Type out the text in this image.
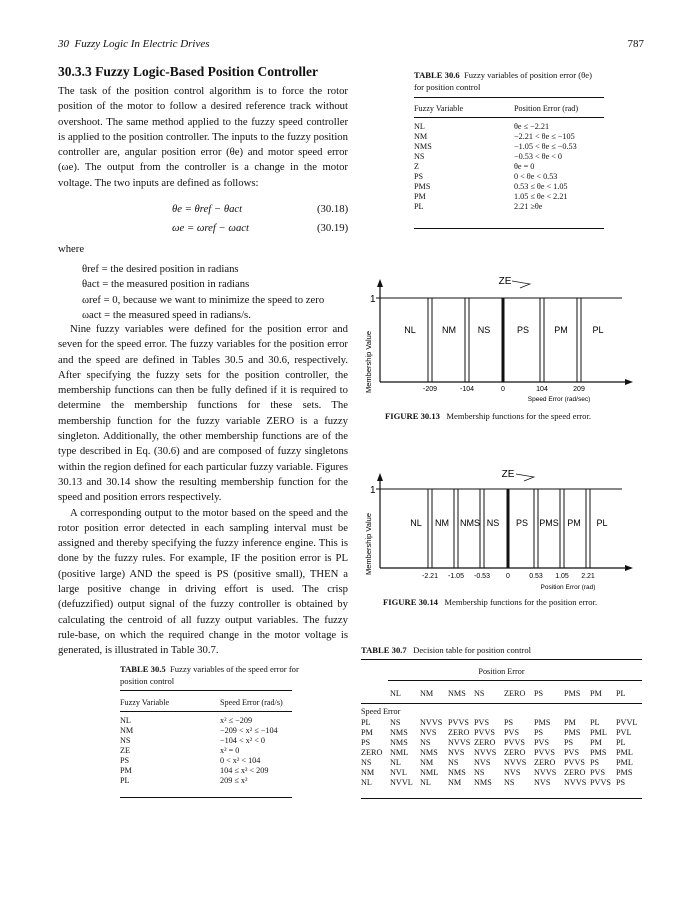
30 Fuzzy Logic In Electric Drives	787
30.3.3 Fuzzy Logic-Based Position Controller

The task of the position control algorithm is to force the rotor position of the motor to follow a desired reference track without overshoot. The same method applied to the fuzzy speed controller is applied to the position controller. The inputs to the fuzzy position controller are, angular position error (θe) and motor speed error (ωe). The output from the controller is a change in the motor voltage. The two inputs are defined as follows:

θe = θref − θact	(30.18)
ωe = ωref − ωact	(30.19)
where
θref = the desired position in radians
θact = the measured position in radians
ωref = 0, because we want to minimize the speed to zero
ωact = the measured speed in radians/s.

Nine fuzzy variables were defined for the position error and seven for the speed error. The fuzzy variables for the position error and the speed are defined in Tables 30.5 and 30.6, respectively. After specifying the fuzzy sets for the position controller, the membership functions can then be fully defined if it is required to determine the membership functions for these sets. The membership function for the fuzzy variable ZERO is a fuzzy singleton. Additionally, the other membership functions are of the type described in Eq. (30.6) and are composed of fuzzy singletons within the region defined for each particular fuzzy variable. Figures 30.13 and 30.14 show the resulting membership function for the speed and position errors respectively.

A corresponding output to the motor based on the speed and the rotor position error detected in each sampling interval must be assigned and thereby specifying the fuzzy inference engine. This is done by the fuzzy rules. For example, IF the position error is PL (positive large) AND the speed is PS (positive small), THEN a large positive change in driving effort is used. The crisp (defuzzified) output signal of the fuzzy controller is obtained by calculating the centroid of all fuzzy output variables. The fuzzy rule-base, on which the required change in the motor voltage is generated, is illustrated in Table 30.7.

TABLE 30.6 Fuzzy variables of position error (θe) for position control
Fuzzy Variable	Position Error (rad)
NL	θe ≤ −2.21
NM	−2.21 < θe ≤ −105
NMS	−1.05 < θe ≤ −0.53
NS	−0.53 < θe < 0
Z	θe = 0
PS	0 < θe < 0.53
PMS	0.53 ≤ θe < 1.05
PM	1.05 ≤ θe < 2.21
PL	2.21 ≥θe
Membership Value
1
ZE
NL	NM NS	PS	PM	PL
-209	-104	0	104	209
Speed Error (rad/sec)
FIGURE 30.13 Membership functions for the speed error.
Membership Value
1
ZE
NL NM NMS NS PS PMS PM PL
-2.21 -1.05 -0.53 0	0.53 1.05 2.21
Position Error (rad)
FIGURE 30.14 Membership functions for the position error.
TABLE 30.7 Decision table for position control
Position Error
	NL	NM	NMS	NS	ZERO	PS	PMS	PM	PL
Speed Error
PL	NS	NVVS	PVVS	PVS	PS	PMS	PM	PL	PVVL
PM	NMS	NVS	ZERO	PVVS	PVS	PS	PMS	PML	PVL
PS	NMS	NS	NVVS	ZERO	PVVS	PVS	PS	PM	PL
ZERO	NML	NMS	NVS	NVVS	ZERO	PVVS	PVS	PMS	PML
NS	NL	NM	NS	NVS	NVVS	ZERO	PVVS	PS	PML
NM	NVL	NML	NMS	NS	NVS	NVVS	ZERO	PVS	PMS
NL	NVVL	NL	NM	NMS	NS	NVS	NVVS	PVVS	PS
TABLE 30.5 Fuzzy variables of the speed error for position control
Fuzzy Variable	Speed Error (rad/s)
NL	x² ≤ −209
NM	−209 < x² ≤ −104
NS	−104 < x² < 0
ZE	x² = 0
PS	0 < x² < 104
PM	104 ≤ x² < 209
PL	209 ≤ x²
